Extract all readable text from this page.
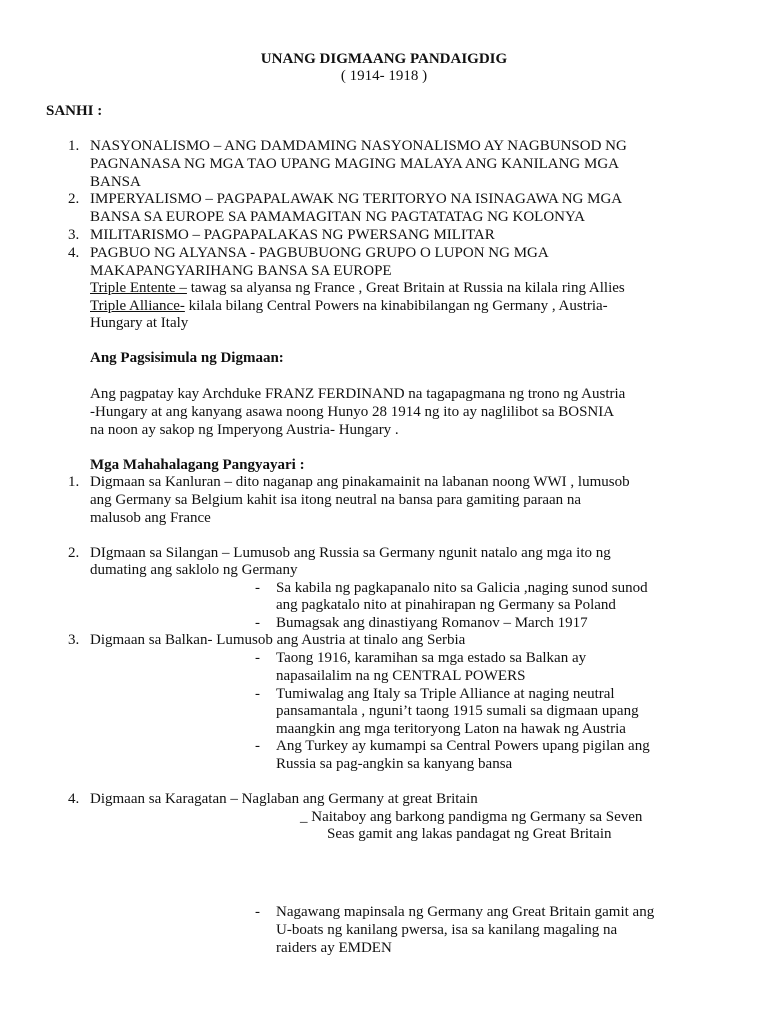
UNANG DIGMAANG PANDAIGDIG
( 1914- 1918 )
SANHI :
1. NASYONALISMO – ANG DAMDAMING NASYONALISMO AY NAGBUNSOD NG
PAGNANASA NG MGA TAO UPANG MAGING MALAYA ANG KANILANG MGA
BANSA
2. IMPERYALISMO – PAGPAPALAWAK NG TERITORYO NA ISINAGAWA NG MGA
BANSA SA EUROPE SA PAMAMAGITAN NG PAGTATATAG NG KOLONYA
3. MILITARISMO – PAGPAPALAKAS NG PWERSANG MILITAR
4. PAGBUO NG ALYANSA - PAGBUBUONG GRUPO O LUPON NG MGA
MAKAPANGYARIHANG BANSA SA EUROPE
Triple Entente – tawag sa alyansa ng France , Great Britain at Russia na kilala ring Allies
Triple Alliance- kilala bilang Central Powers na kinabibilangan ng Germany , Austria-
Hungary at Italy
Ang Pagsisimula ng Digmaan:
Ang pagpatay kay Archduke FRANZ FERDINAND na tagapagmana ng trono ng Austria
-Hungary at ang kanyang asawa noong Hunyo 28 1914 ng ito ay naglilibot sa BOSNIA
na noon ay sakop ng Imperyong Austria- Hungary .
Mga Mahahalagang Pangyayari :
1. Digmaan sa Kanluran – dito naganap ang pinakamainit na labanan noong WWI , lumusob
ang Germany sa Belgium kahit isa itong neutral na bansa para gamiting paraan na
malusob ang France
2. DIgmaan sa Silangan – Lumusob ang Russia sa Germany ngunit natalo ang mga ito ng
dumating ang saklolo ng Germany
- Sa kabila ng pagkapanalo nito sa Galicia ,naging sunod sunod
ang pagkatalo nito at pinahirapan ng Germany sa Poland
- Bumagsak ang dinastiyang Romanov – March 1917
3. Digmaan sa Balkan- Lumusob ang Austria at tinalo ang Serbia
- Taong 1916, karamihan sa mga estado sa Balkan ay
napasailalim na ng CENTRAL POWERS
- Tumiwalag ang Italy sa Triple Alliance at naging neutral
pansamantala , nguni’t taong 1915 sumali sa digmaan upang
maangkin ang mga teritoryong Laton na hawak ng Austria
- Ang Turkey ay kumampi sa Central Powers upang pigilan ang
Russia sa pag-angkin sa kanyang bansa
4. Digmaan sa Karagatan – Naglaban ang Germany at great Britain
_ Naitaboy ang barkong pandigma ng Germany sa Seven
Seas gamit ang lakas pandagat ng Great Britain
- Nagawang mapinsala ng Germany ang Great Britain gamit ang
U-boats ng kanilang pwersa, isa sa kanilang magaling na
raiders ay EMDEN
